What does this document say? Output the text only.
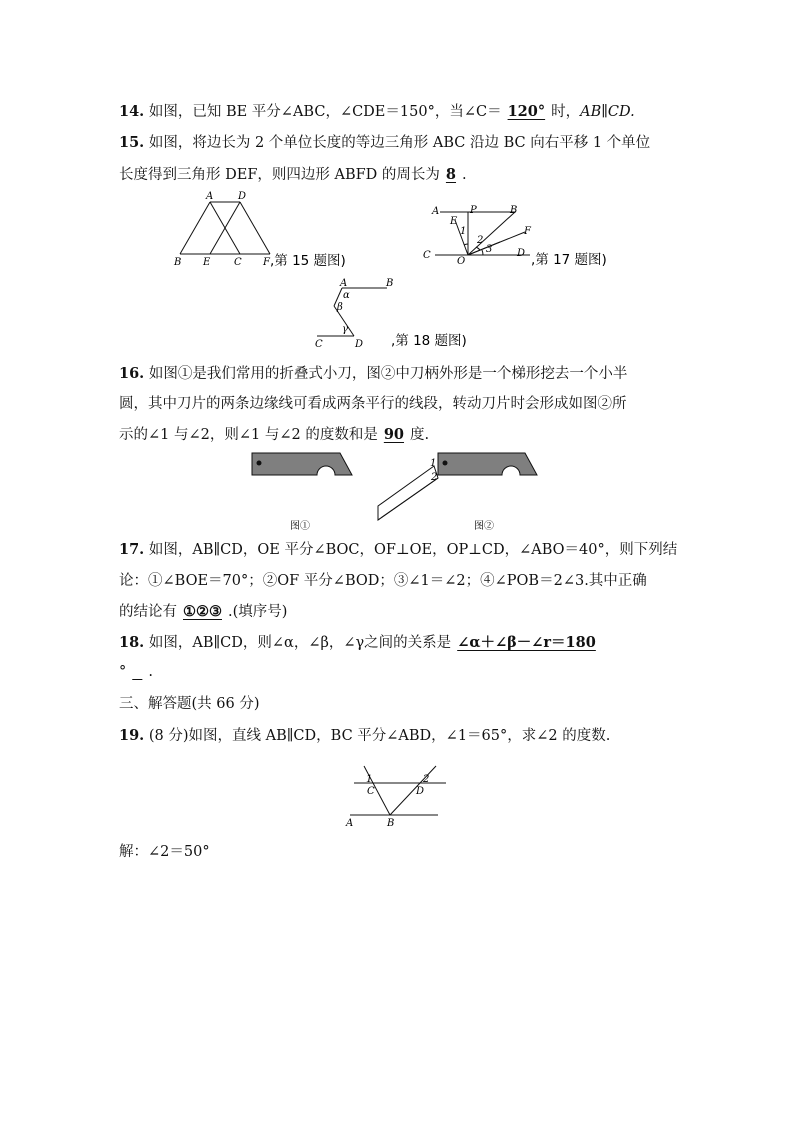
14. 如图，已知 BE 平分∠ABC，∠CDE＝150°，当∠C＝ 120° 时，AB∥CD.
15. 如图，将边长为 2 个单位长度的等边三角形 ABC 沿边 BC 向右平移 1 个单位
长度得到三角形 DEF，则四边形 ABFD 的周长为 8 .
A D
B E C F ,第 15 题图)
A	P	B
E
1
2
F
3
C
O
D ,第 17 题图)
A	B
α
β
γ
C	D ,第 18 题图)
16. 如图①是我们常用的折叠式小刀，图②中刀柄外形是一个梯形挖去一个小半
圆，其中刀片的两条边缘线可看成两条平行的线段，转动刀片时会形成如图②所
示的∠1 与∠2，则∠1 与∠2 的度数和是 90 度.
1
2
图①	图②
17. 如图，AB∥CD，OE 平分∠BOC，OF⊥OE，OP⊥CD，∠ABO＝40°，则下列结
论：①∠BOE＝70°；②OF 平分∠BOD；③∠1＝∠2；④∠POB＝2∠3.其中正确
的结论有 ①②③ .(填序号)
18. 如图，AB∥CD，则∠α，∠β，∠γ之间的关系是 ∠α＋∠β－∠r＝180
° .
三、解答题(共 66 分)
19. (8 分)如图，直线 AB∥CD，BC 平分∠ABD，∠1＝65°，求∠2 的度数.
1
C	D
2
A	B
解：∠2＝50°
